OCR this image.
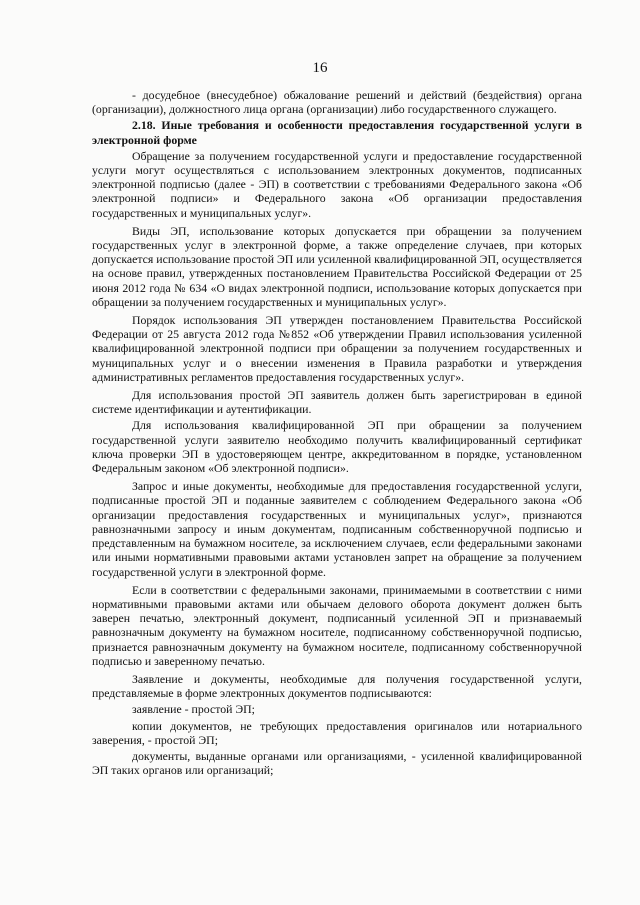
16

- досудебное (внесудебное) обжалование решений и действий (бездействия) органа (организации), должностного лица органа (организации) либо государственного служащего.

2.18. Иные требования и особенности предоставления государственной услуги в электронной форме

Обращение за получением государственной услуги и предоставление государственной услуги могут осуществляться с использованием электронных документов, подписанных электронной подписью (далее - ЭП) в соответствии с требованиями Федерального закона «Об электронной подписи» и Федерального закона «Об организации предоставления государственных и муниципальных услуг».

Виды ЭП, использование которых допускается при обращении за получением государственных услуг в электронной форме, а также определение случаев, при которых допускается использование простой ЭП или усиленной квалифицированной ЭП, осуществляется на основе правил, утвержденных постановлением Правительства Российской Федерации от 25 июня 2012 года № 634 «О видах электронной подписи, использование которых допускается при обращении за получением государственных и муниципальных услуг».

Порядок использования ЭП утвержден постановлением Правительства Российской Федерации от 25 августа 2012 года №852 «Об утверждении Правил использования усиленной квалифицированной электронной подписи при обращении за получением государственных и муниципальных услуг и о внесении изменения в Правила разработки и утверждения административных регламентов предоставления государственных услуг».

Для использования простой ЭП заявитель должен быть зарегистрирован в единой системе идентификации и аутентификации.

Для использования квалифицированной ЭП при обращении за получением государственной услуги заявителю необходимо получить квалифицированный сертификат ключа проверки ЭП в удостоверяющем центре, аккредитованном в порядке, установленном Федеральным законом «Об электронной подписи».

Запрос и иные документы, необходимые для предоставления государственной услуги, подписанные простой ЭП и поданные заявителем с соблюдением Федерального закона «Об организации предоставления государственных и муниципальных услуг», признаются равнозначными запросу и иным документам, подписанным собственноручной подписью и представленным на бумажном носителе, за исключением случаев, если федеральными законами или иными нормативными правовыми актами установлен запрет на обращение за получением государственной услуги в электронной форме.

Если в соответствии с федеральными законами, принимаемыми в соответствии с ними нормативными правовыми актами или обычаем делового оборота документ должен быть заверен печатью, электронный документ, подписанный усиленной ЭП и признаваемый равнозначным документу на бумажном носителе, подписанному собственноручной подписью, признается равнозначным документу на бумажном носителе, подписанному собственноручной подписью и заверенному печатью.

Заявление и документы, необходимые для получения государственной услуги, представляемые в форме электронных документов подписываются:

заявление - простой ЭП;

копии документов, не требующих предоставления оригиналов или нотариального заверения, - простой ЭП;

документы, выданные органами или организациями, - усиленной квалифицированной ЭП таких органов или организаций;
